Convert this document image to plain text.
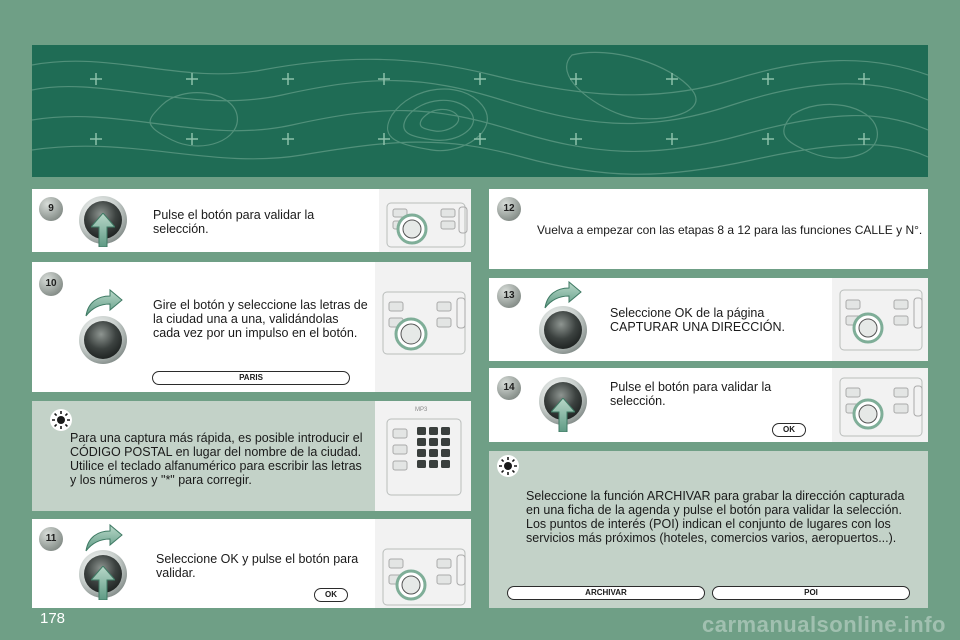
9	Pulse el botón para validar la selección.
10
Gire el botón y seleccione las letras de la ciudad una a una, validándolas cada vez por un impulso en el botón.
PARIS
Para una captura más rápida, es posible introducir el CÓDIGO POSTAL en lugar del nombre de la ciudad. Utilice el teclado alfanumérico para escribir las letras y los números y "*" para corregir.
MP3
11
Seleccione OK y pulse el botón para validar.
OK
12
Vuelva a empezar con las etapas 8 a 12 para las funciones CALLE y N°.
13
Seleccione OK de la página CAPTURAR UNA DIRECCIÓN.
14	Pulse el botón para validar la selección.
OK
Seleccione la función ARCHIVAR para grabar la dirección capturada en una ficha de la agenda y pulse el botón para validar la selección. Los puntos de interés (POI) indican el conjunto de lugares con los servicios más próximos (hoteles, comercios varios, aeropuertos...).
ARCHIVAR	POI
178	carmanualsonline.info
